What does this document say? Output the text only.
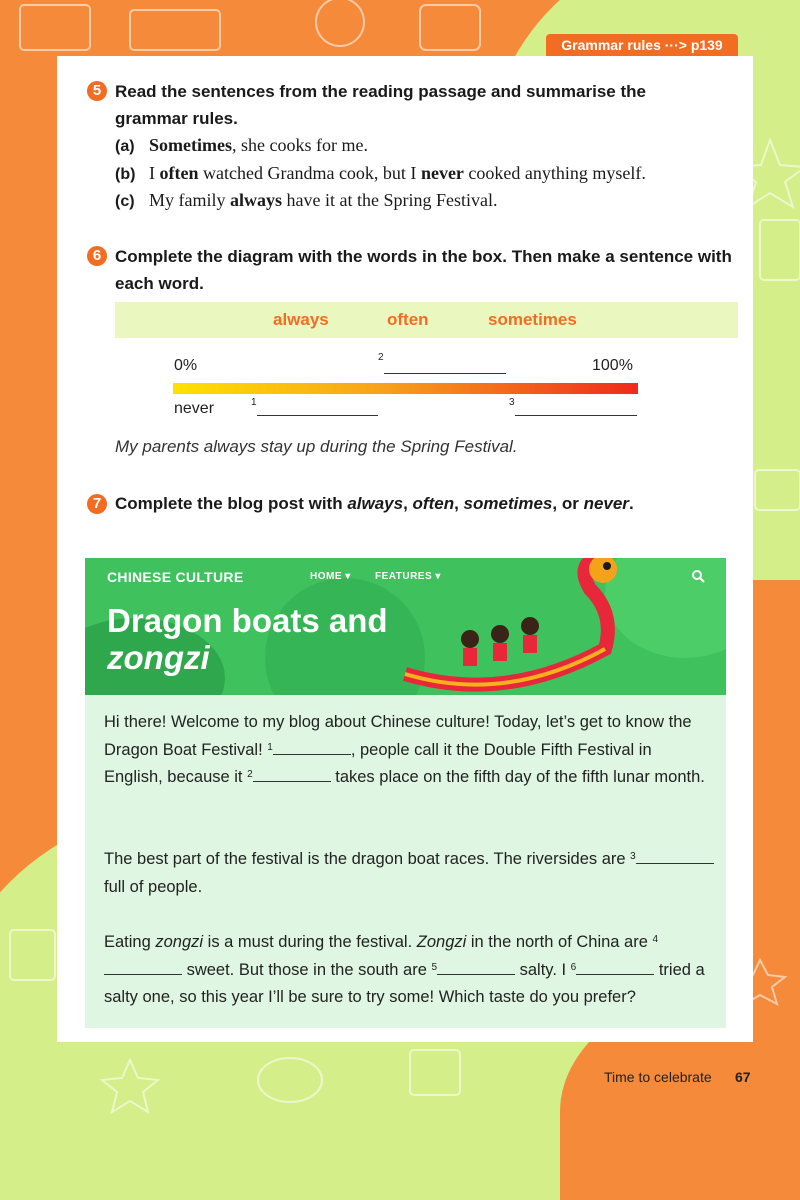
Grammar rules ···> p139
5 Read the sentences from the reading passage and summarise the grammar rules.
(a) Sometimes, she cooks for me.
(b) I often watched Grandma cook, but I never cooked anything myself.
(c) My family always have it at the Spring Festival.
6 Complete the diagram with the words in the box. Then make a sentence with each word.
always	often	sometimes
0%	100%
2
never	1	3
My parents always stay up during the Spring Festival.
7 Complete the blog post with always, often, sometimes, or never.
CHINESE CULTURE	HOME ▾ FEATURES ▾
Dragon boats and
zongzi

Hi there! Welcome to my blog about Chinese culture! Today, let’s get to know the Dragon Boat Festival! $^1$	, people call it the Double Fifth Festival in English, because it $^2$	takes place on the fifth day of the fifth lunar month.

The best part of the festival is the dragon boat races. The riversides are $^3$ full of people.

Eating zongzi is a must during the festival. Zongzi in the north of China are $^4$ sweet. But those in the south are $^5$	salty. I $^6$	tried a salty one, so this year I’ll be sure to try some! Which taste do you prefer?

Time to celebrate 67
